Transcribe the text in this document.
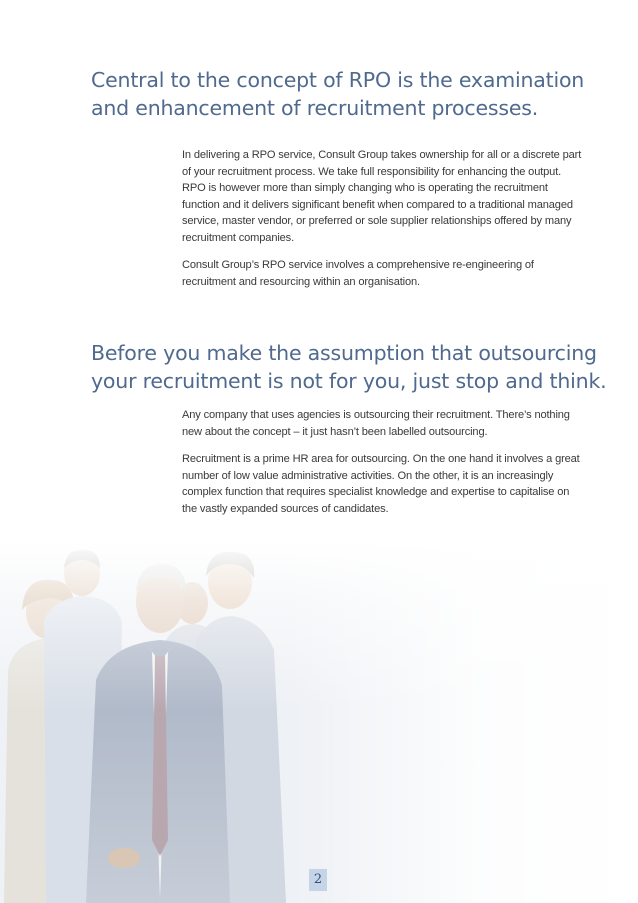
Central to the concept of RPO is the examination
and enhancement of recruitment processes.

In delivering a RPO service, Consult Group takes ownership for all or a discrete part of your recruitment process. We take full responsibility for enhancing the output. RPO is however more than simply changing who is operating the recruitment function and it delivers significant benefit when compared to a traditional managed service, master vendor, or preferred or sole supplier relationships offered by many recruitment companies.

Consult Group’s RPO service involves a comprehensive re-engineering of recruitment and resourcing within an organisation.

Before you make the assumption that outsourcing
your recruitment is not for you, just stop and think.

Any company that uses agencies is outsourcing their recruitment. There’s nothing new about the concept – it just hasn’t been labelled outsourcing.

Recruitment is a prime HR area for outsourcing. On the one hand it involves a great number of low value administrative activities. On the other, it is an increasingly complex function that requires specialist knowledge and expertise to capitalise on the vastly expanded sources of candidates.

2
